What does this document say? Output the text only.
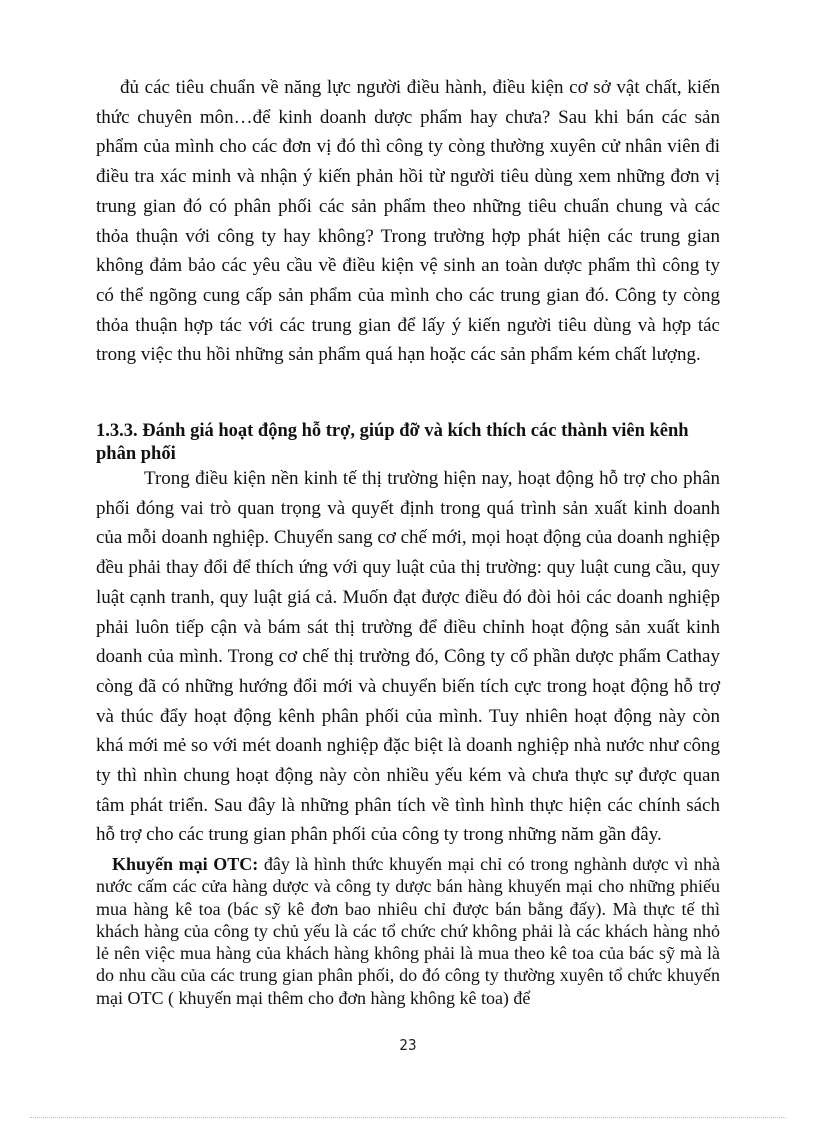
đủ các tiêu chuẩn về năng lực người điều hành, điều kiện cơ sở vật chất, kiến thức chuyên môn…để kinh doanh dược phẩm hay chưa? Sau khi bán các sản phẩm của mình cho các đơn vị đó thì công ty còng thường xuyên cử nhân viên đi điều tra xác minh và nhận ý kiến phản hồi từ người tiêu dùng xem những đơn vị trung gian đó có phân phối các sản phẩm theo những tiêu chuẩn chung và các thỏa thuận với công ty hay không? Trong trường hợp phát hiện các trung gian không đảm bảo các yêu cầu về điều kiện vệ sinh an toàn dược phẩm thì công ty có thể ngõng cung cấp sản phẩm của mình cho các trung gian đó. Công ty còng thỏa thuận hợp tác với các trung gian để lấy ý kiến người tiêu dùng và hợp tác trong việc thu hồi những sản phẩm quá hạn hoặc các sản phẩm kém chất lượng.

1.3.3. Đánh giá hoạt động hỗ trợ, giúp đỡ và kích thích các thành viên kênh phân phối

Trong điều kiện nền kinh tế thị trường hiện nay, hoạt động hỗ trợ cho phân phối đóng vai trò quan trọng và quyết định trong quá trình sản xuất kinh doanh của mỗi doanh nghiệp. Chuyển sang cơ chế mới, mọi hoạt động của doanh nghiệp đều phải thay đổi để thích ứng với quy luật của thị trường: quy luật cung cầu, quy luật cạnh tranh, quy luật giá cả. Muốn đạt được điều đó đòi hỏi các doanh nghiệp phải luôn tiếp cận và bám sát thị trường để điều chỉnh hoạt động sản xuất kinh doanh của mình. Trong cơ chế thị trường đó, Công ty cổ phần dược phẩm Cathay còng đã có những hướng đổi mới và chuyển biến tích cực trong hoạt động hỗ trợ và thúc đẩy hoạt động kênh phân phối của mình. Tuy nhiên hoạt động này còn khá mới mẻ so với mét doanh nghiệp đặc biệt là doanh nghiệp nhà nước như công ty thì nhìn chung hoạt động này còn nhiều yếu kém và chưa thực sự được quan tâm phát triển. Sau đây là những phân tích về tình hình thực hiện các chính sách hỗ trợ cho các trung gian phân phối của công ty trong những năm gần đây.

Khuyến mại OTC: đây là hình thức khuyến mại chỉ có trong nghành dược vì nhà nước cấm các cửa hàng dược và công ty dược bán hàng khuyến mại cho những phiếu mua hàng kê toa (bác sỹ kê đơn bao nhiêu chỉ được bán bằng đấy). Mà thực tế thì khách hàng của công ty chủ yếu là các tổ chức chứ không phải là các khách hàng nhỏ lẻ nên việc mua hàng của khách hàng không phải là mua theo kê toa của bác sỹ mà là do nhu cầu của các trung gian phân phối, do đó công ty thường xuyên tổ chức khuyến mại OTC ( khuyến mại thêm cho đơn hàng không kê toa) để

23
